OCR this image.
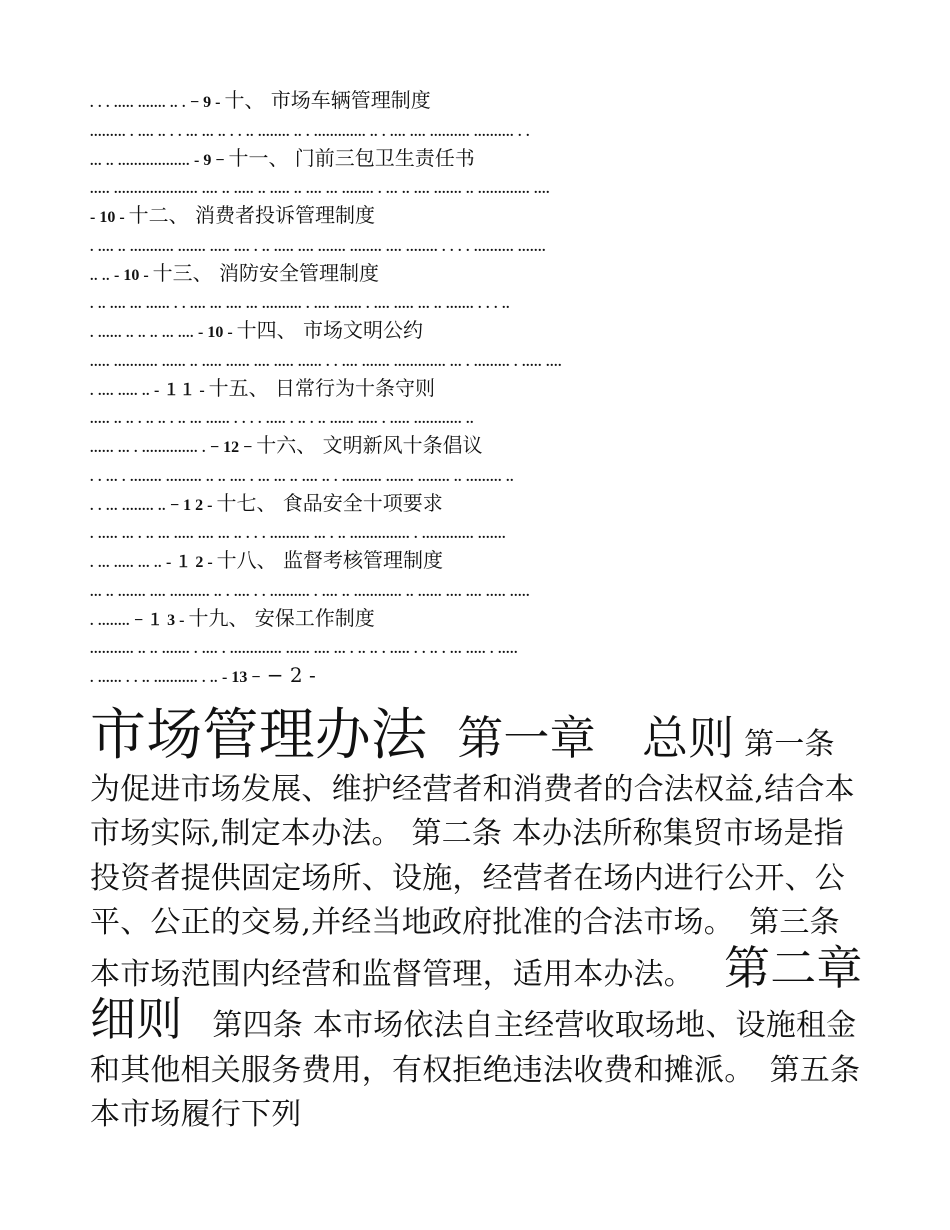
. . . ..... ....... .. . − 9 - 十、 市场车辆管理制度
......... . .... .. . . ... ... .. . . .. ........ .. . ............. .. . .... .... .......... .......... . .
... .. .................. - 9 − 十一、 门前三包卫生责任书
..... ..................... .... .. ..... .. ..... .. .... ... ........ . ... .. .... ....... .. ............. ....
- 10 - 十二、 消费者投诉管理制度
. .... .. ........... ....... ..... .... . .. ..... .... ....... ........ .... ........ . . . . .......... .......
.. .. - 10 - 十三、 消防安全管理制度
. .. .... ... ...... . . .... ... .... ... .......... . .... ....... . .... ..... ... .. ....... . . . ..
. ...... .. .. .. ... .... - 10 - 十四、 市场文明公约
..... ........... ...... .. ..... ...... .... ..... ...... . . .... ....... ............. ... . ......... . ..... ....
. .... ..... .. - １１ - 十五、 日常行为十条守则
..... .. .. . .. .. . .. ... ...... . . . . ..... . .. . .. ...... ..... . ..... ............ ..
...... ... . .............. . − 12 − 十六、 文明新风十条倡议
. . ... . ........ ......... .. .. .... . ... ... .. .... .. . .......... ....... ........ .. ......... ..
. . ... ........ .. − 1 2 - 十七、 食品安全十项要求
. ..... ... . .. ... ..... .... ... .. . . . .......... ... . .. ............... . ............. .......
. ... ..... ... .. - １ 2 - 十八、 监督考核管理制度
... .. ....... .... .......... .. . .... . . .......... . .... .. ............ .. ...... .... .... ..... .....
. ........ − １ 3 - 十九、 安保工作制度
........... .. .. ....... . .... . ............. ...... .... ... . .. .. . ..... . . .. . ... ..... . .....
. ...... . . .. ........... . .. - 13 − − 2 -
市场管理办法 第一章　总则 第一条 为促进市场发展、维护经营者和消费者的合法权益,结合本市场实际,制定本办法。 第二条 本办法所称集贸市场是指投资者提供固定场所、设施，经营者在场内进行公开、公平、公正的交易,并经当地政府批准的合法市场。　第三条 本市场范围内经营和监督管理，适用本办法。 第二章 细则 第四条 本市场依法自主经营收取场地、设施租金和其他相关服务费用，有权拒绝违法收费和摊派。　第五条 本市场履行下列
